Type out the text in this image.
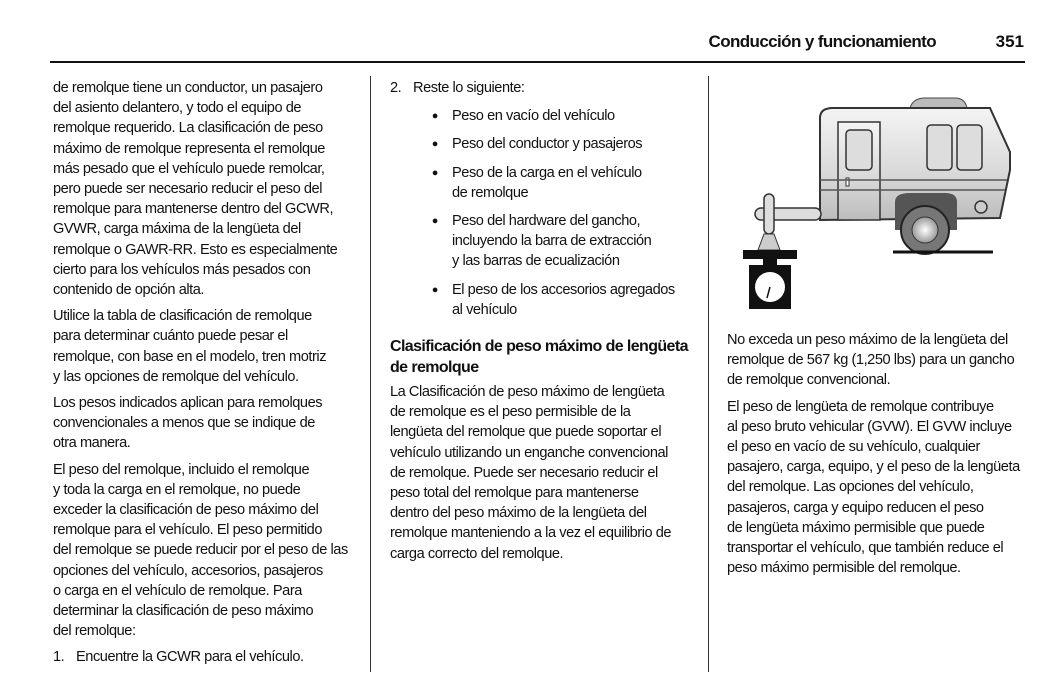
Conducción y funcionamiento	351

de remolque tiene un conductor, un pasajero
del asiento delantero, y todo el equipo de
remolque requerido. La clasificación de peso
máximo de remolque representa el remolque
más pesado que el vehículo puede remolcar,
pero puede ser necesario reducir el peso del
remolque para mantenerse dentro del GCWR,
GVWR, carga máxima de la lengüeta del
remolque o GAWR-RR. Esto es especialmente
cierto para los vehículos más pesados con
contenido de opción alta.

Utilice la tabla de clasificación de remolque
para determinar cuánto puede pesar el
remolque, con base en el modelo, tren motriz
y las opciones de remolque del vehículo.

Los pesos indicados aplican para remolques
convencionales a menos que se indique de
otra manera.

El peso del remolque, incluido el remolque
y toda la carga en el remolque, no puede
exceder la clasificación de peso máximo del
remolque para el vehículo. El peso permitido
del remolque se puede reducir por el peso de las
opciones del vehículo, accesorios, pasajeros
o carga en el vehículo de remolque. Para
determinar la clasificación de peso máximo
del remolque:

1. Encuentre la GCWR para el vehículo.
2. Reste lo siguiente:
● Peso en vacío del vehículo
● Peso del conductor y pasajeros
● Peso de la carga en el vehículo
de remolque
● Peso del hardware del gancho,
incluyendo la barra de extracción
y las barras de ecualización
● El peso de los accesorios agregados
al vehículo
Clasificación de peso máximo de lengüeta
de remolque

La Clasificación de peso máximo de lengüeta
de remolque es el peso permisible de la
lengüeta del remolque que puede soportar el
vehículo utilizando un enganche convencional
de remolque. Puede ser necesario reducir el
peso total del remolque para mantenerse
dentro del peso máximo de la lengüeta del
remolque manteniendo a la vez el equilibrio de
carga correcto del remolque.

No exceda un peso máximo de la lengüeta del
remolque de 567 kg (1,250 lbs) para un gancho
de remolque convencional.

El peso de lengüeta de remolque contribuye
al peso bruto vehicular (GVW). El GVW incluye
el peso en vacío de su vehículo, cualquier
pasajero, carga, equipo, y el peso de la lengüeta
del remolque. Las opciones del vehículo,
pasajeros, carga y equipo reducen el peso
de lengüeta máximo permisible que puede
transportar el vehículo, que también reduce el
peso máximo permisible del remolque.
